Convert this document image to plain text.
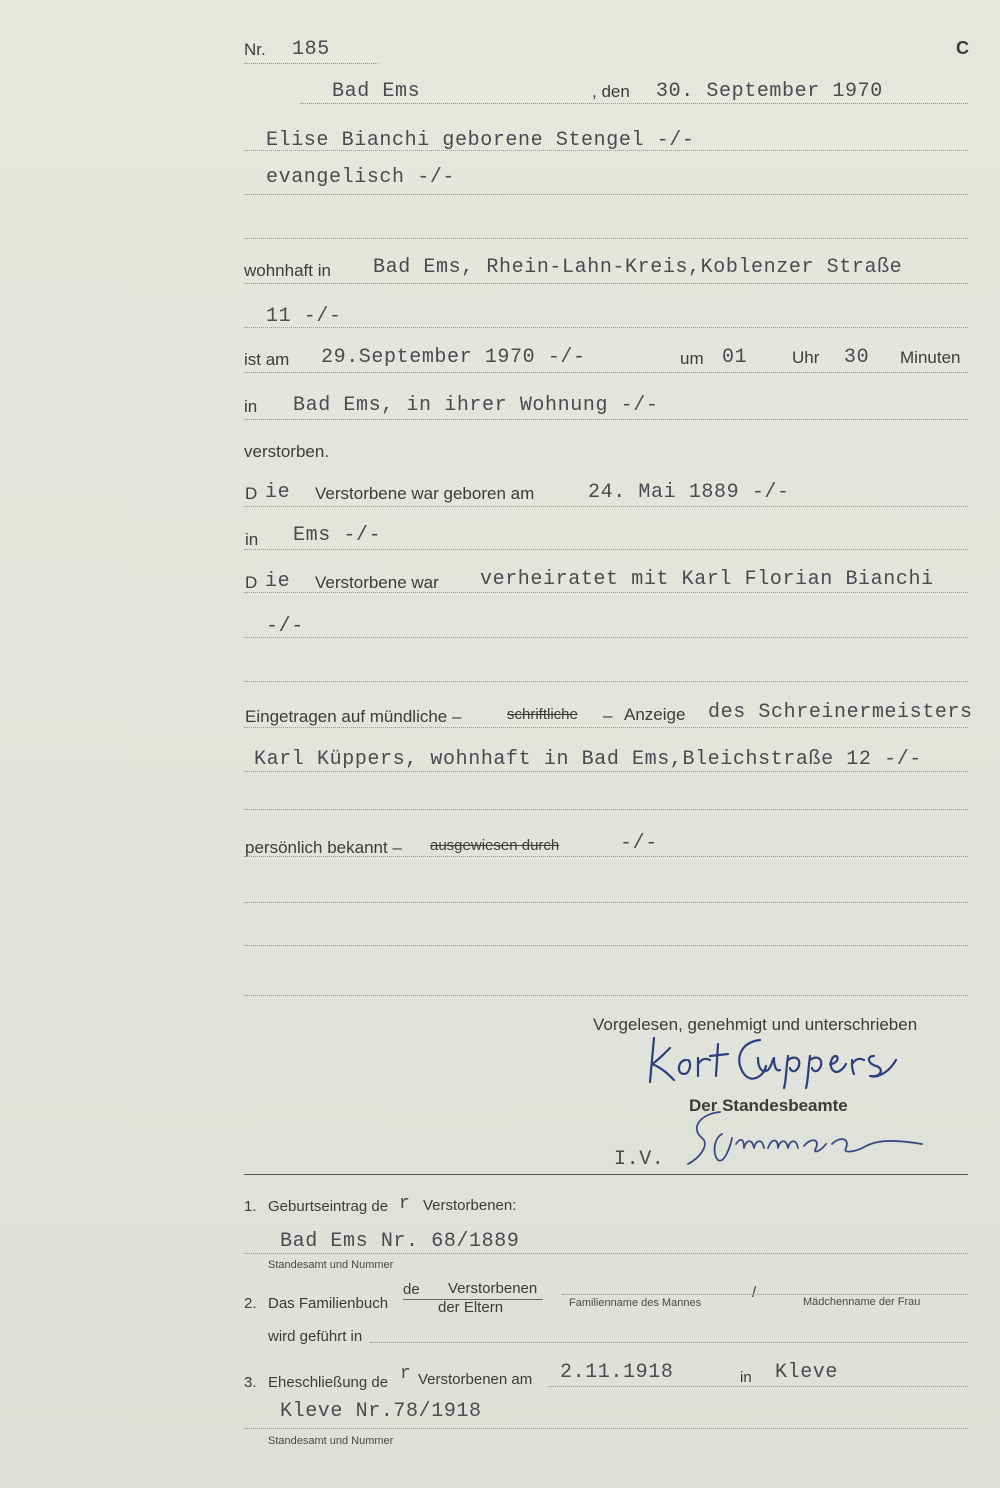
Nr. 185	C
Bad Ems	, den 30. September 1970
Elise Bianchi geborene Stengel -/-
evangelisch -/-
wohnhaft in Bad Ems, Rhein-Lahn-Kreis,Koblenzer Straße
11 -/-
ist am 29.September 1970 -/-	um 01	Uhr 30 Minuten
in Bad Ems, in ihrer Wohnung -/-
verstorben.
D ie Verstorbene war geboren am	24. Mai 1889 -/-
in Ems -/-
D ie Verstorbene war verheiratet mit Karl Florian Bianchi
-/-
Eingetragen auf mündliche –	schriftliche – Anzeige des Schreinermeisters
Karl Küppers, wohnhaft in Bad Ems,Bleichstraße 12 -/-
persönlich bekannt – ausgewiesen durch	-/-
Vorgelesen, genehmigt und unterschrieben
Der Standesbeamte
I.V.
1. Geburtseintrag de r Verstorbenen:
Bad Ems Nr. 68/1889
Standesamt und Nummer
2. Das Familienbuch
de Verstorbenen
der Eltern	Familienname des Mannes
/
Mädchenname der Frau
wird geführt in
3. Eheschließung de r Verstorbenen am 2.11.1918	in Kleve
Kleve Nr.78/1918
Standesamt und Nummer
